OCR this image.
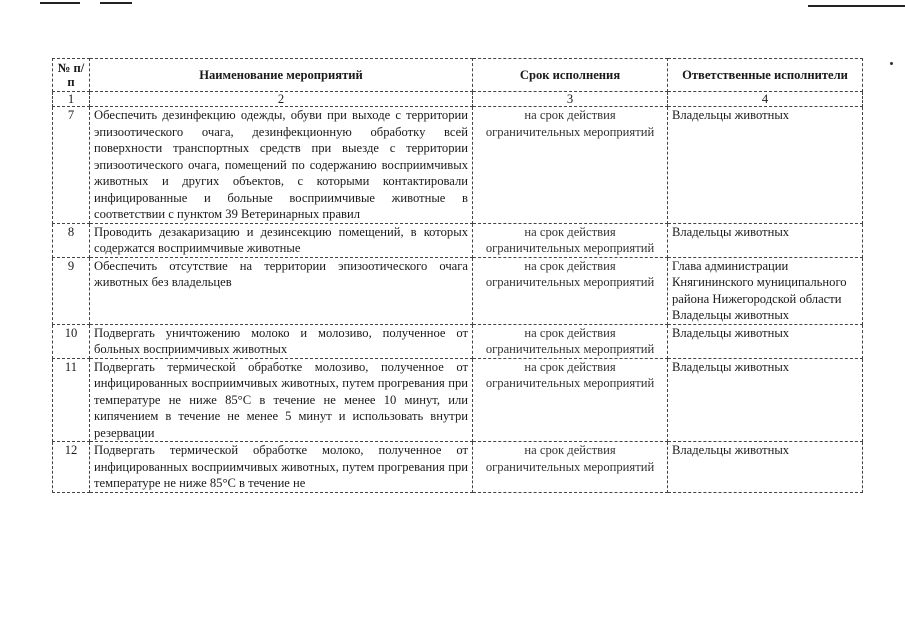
№ п/п	Наименование мероприятий	Срок исполнения	Ответственные исполнители
1	2	3	4
7	Обеспечить дезинфекцию одежды, обуви при выходе с территории эпизоотического очага, дезинфекционную обработку всей поверхности транспортных средств при выезде с территории эпизоотического очага, помещений по содержанию восприимчивых животных и других объектов, с которыми контактировали инфицированные и больные восприимчивые животные в соответствии с пунктом 39 Ветеринарных правил	на срок действия ограничительных мероприятий	Владельцы животных
8	Проводить дезакаризацию и дезинсекцию помещений, в которых содержатся восприимчивые животные	на срок действия ограничительных мероприятий	Владельцы животных
9	Обеспечить отсутствие на территории эпизоотического очага животных без владельцев	на срок действия ограничительных мероприятий	Глава администрации Княгининского муниципального района Нижегородской области Владельцы животных
10	Подвергать уничтожению молоко и молозиво, полученное от больных восприимчивых животных	на срок действия ограничительных мероприятий	Владельцы животных
11	Подвергать термической обработке молозиво, полученное от инфицированных восприимчивых животных, путем прогревания при температуре не ниже 85°С в течение не менее 10 минут, или кипячением в течение не менее 5 минут и использовать внутри резервации	на срок действия ограничительных мероприятий	Владельцы животных
12	Подвергать термической обработке молоко, полученное от инфицированных восприимчивых животных, путем прогревания при температуре не ниже 85°С в течение не	на срок действия ограничительных мероприятий	Владельцы животных
